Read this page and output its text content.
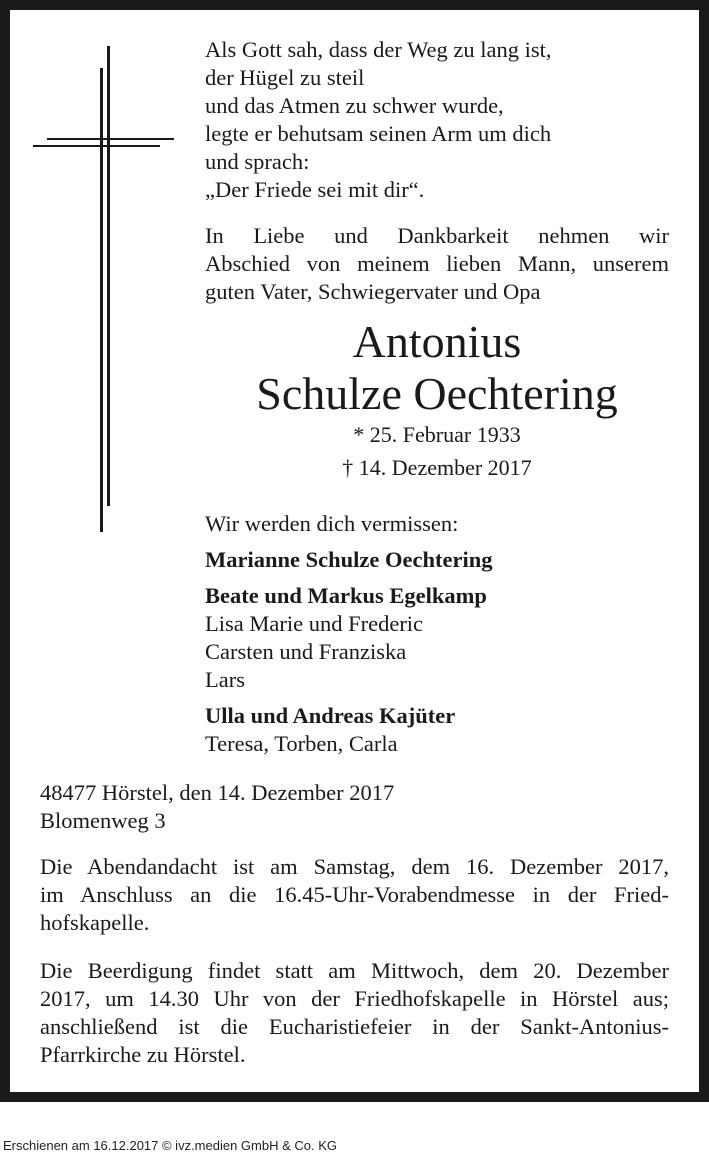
Als Gott sah, dass der Weg zu lang ist,
der Hügel zu steil
und das Atmen zu schwer wurde,
legte er behutsam seinen Arm um dich
und sprach:
„Der Friede sei mit dir“.
In Liebe und Dankbarkeit nehmen wir
Abschied von meinem lieben Mann, unserem
guten Vater, Schwiegervater und Opa
Antonius
Schulze Oechtering
* 25. Februar 1933
† 14. Dezember 2017
Wir werden dich vermissen:
Marianne Schulze Oechtering
Beate und Markus Egelkamp
Lisa Marie und Frederic
Carsten und Franziska
Lars
Ulla und Andreas Kajüter
Teresa, Torben, Carla
48477 Hörstel, den 14. Dezember 2017
Blomenweg 3
Die Abendandacht ist am Samstag, dem 16. Dezember 2017,
im Anschluss an die 16.45-Uhr-Vorabendmesse in der Fried-
hofskapelle.
Die Beerdigung findet statt am Mittwoch, dem 20. Dezember
2017, um 14.30 Uhr von der Friedhofskapelle in Hörstel aus;
anschließend ist die Eucharistiefeier in der Sankt-Antonius-
Pfarrkirche zu Hörstel.
Erschienen am 16.12.2017 © ivz.medien GmbH & Co. KG
